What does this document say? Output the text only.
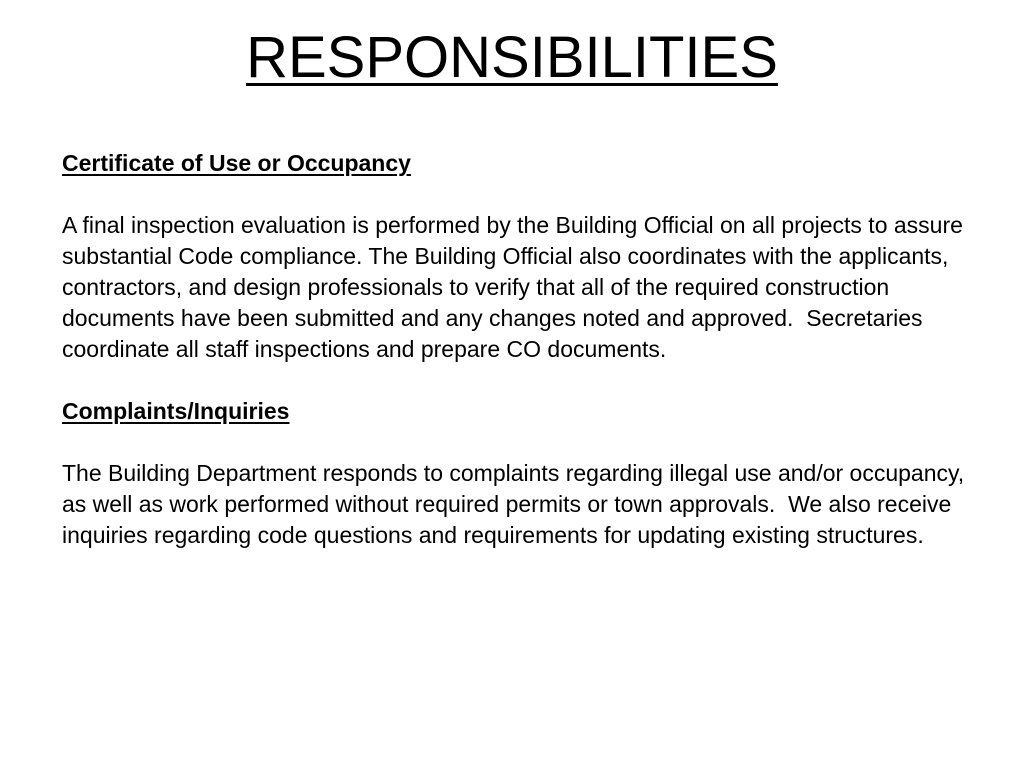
RESPONSIBILITIES

Certificate of Use or Occupancy

A final inspection evaluation is performed by the Building Official on all projects to assure substantial Code compliance. The Building Official also coordinates with the applicants, contractors, and design professionals to verify that all of the required construction documents have been submitted and any changes noted and approved.  Secretaries coordinate all staff inspections and prepare CO documents.

Complaints/Inquiries

The Building Department responds to complaints regarding illegal use and/or occupancy, as well as work performed without required permits or town approvals.  We also receive inquiries regarding code questions and requirements for updating existing structures.
